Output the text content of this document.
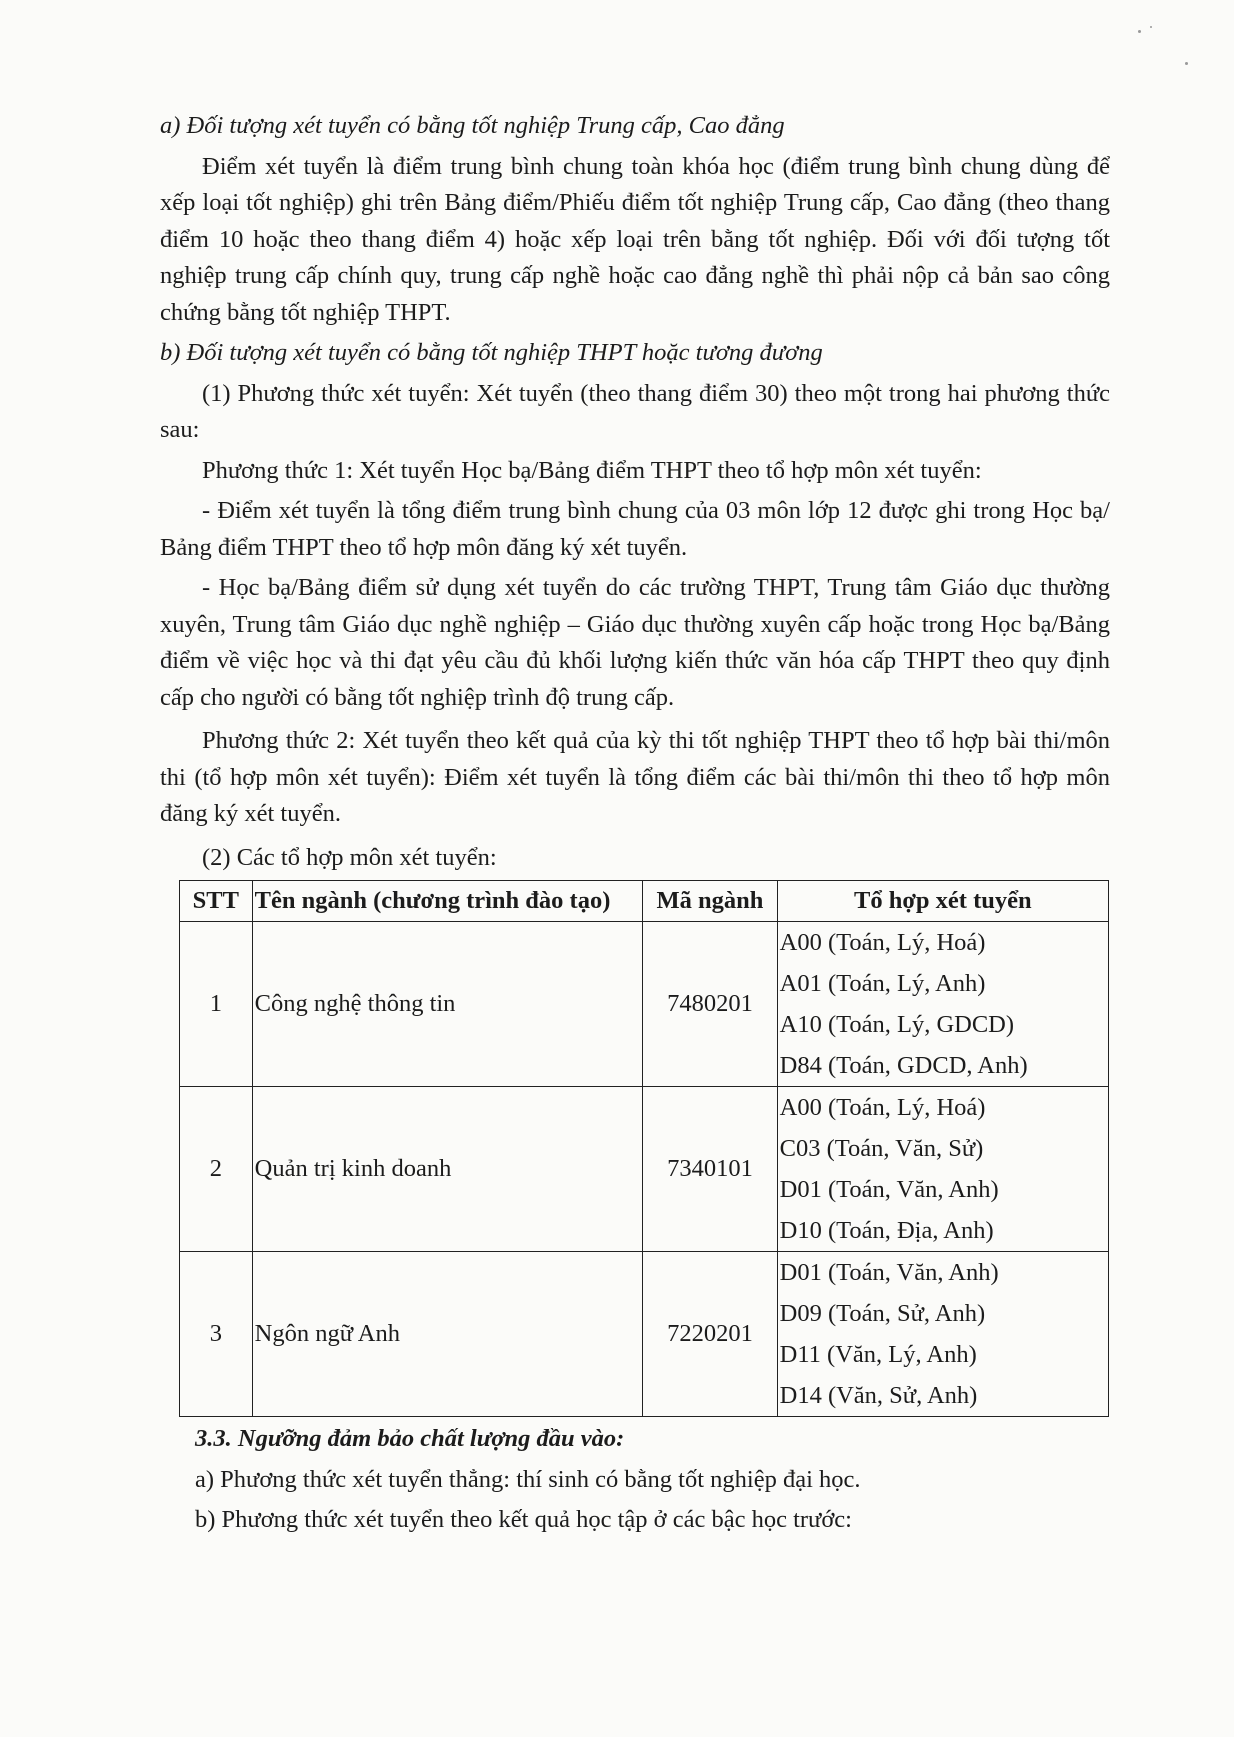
a) Đối tượng xét tuyển có bằng tốt nghiệp Trung cấp, Cao đẳng

Điểm xét tuyển là điểm trung bình chung toàn khóa học (điểm trung bình chung dùng để xếp loại tốt nghiệp) ghi trên Bảng điểm/Phiếu điểm tốt nghiệp Trung cấp, Cao đẳng (theo thang điểm 10 hoặc theo thang điểm 4) hoặc xếp loại trên bằng tốt nghiệp. Đối với đối tượng tốt nghiệp trung cấp chính quy, trung cấp nghề hoặc cao đẳng nghề thì phải nộp cả bản sao công chứng bằng tốt nghiệp THPT.

b) Đối tượng xét tuyển có bằng tốt nghiệp THPT hoặc tương đương

(1) Phương thức xét tuyển: Xét tuyển (theo thang điểm 30) theo một trong hai phương thức sau:

Phương thức 1: Xét tuyển Học bạ/Bảng điểm THPT theo tổ hợp môn xét tuyển:

- Điểm xét tuyển là tổng điểm trung bình chung của 03 môn lớp 12 được ghi trong Học bạ/ Bảng điểm THPT theo tổ hợp môn đăng ký xét tuyển.

- Học bạ/Bảng điểm sử dụng xét tuyển do các trường THPT, Trung tâm Giáo dục thường xuyên, Trung tâm Giáo dục nghề nghiệp – Giáo dục thường xuyên cấp hoặc trong Học bạ/Bảng điểm về việc học và thi đạt yêu cầu đủ khối lượng kiến thức văn hóa cấp THPT theo quy định cấp cho người có bằng tốt nghiệp trình độ trung cấp.

Phương thức 2: Xét tuyển theo kết quả của kỳ thi tốt nghiệp THPT theo tổ hợp bài thi/môn thi (tổ hợp môn xét tuyển): Điểm xét tuyển là tổng điểm các bài thi/môn thi theo tổ hợp môn đăng ký xét tuyển.

(2) Các tổ hợp môn xét tuyển:

STT	Tên ngành (chương trình đào tạo)	Mã ngành	Tổ hợp xét tuyển
1	Công nghệ thông tin	7480201	A00 (Toán, Lý, Hoá)
A01 (Toán, Lý, Anh)
A10 (Toán, Lý, GDCD)
D84 (Toán, GDCD, Anh)

2	Quản trị kinh doanh	7340101	A00 (Toán, Lý, Hoá)
C03 (Toán, Văn, Sử)
D01 (Toán, Văn, Anh)
D10 (Toán, Địa, Anh)

3	Ngôn ngữ Anh	7220201	D01 (Toán, Văn, Anh)
D09 (Toán, Sử, Anh)
D11 (Văn, Lý, Anh)
D14 (Văn, Sử, Anh)

3.3. Ngưỡng đảm bảo chất lượng đầu vào:

a) Phương thức xét tuyển thẳng: thí sinh có bằng tốt nghiệp đại học.

b) Phương thức xét tuyển theo kết quả học tập ở các bậc học trước:
